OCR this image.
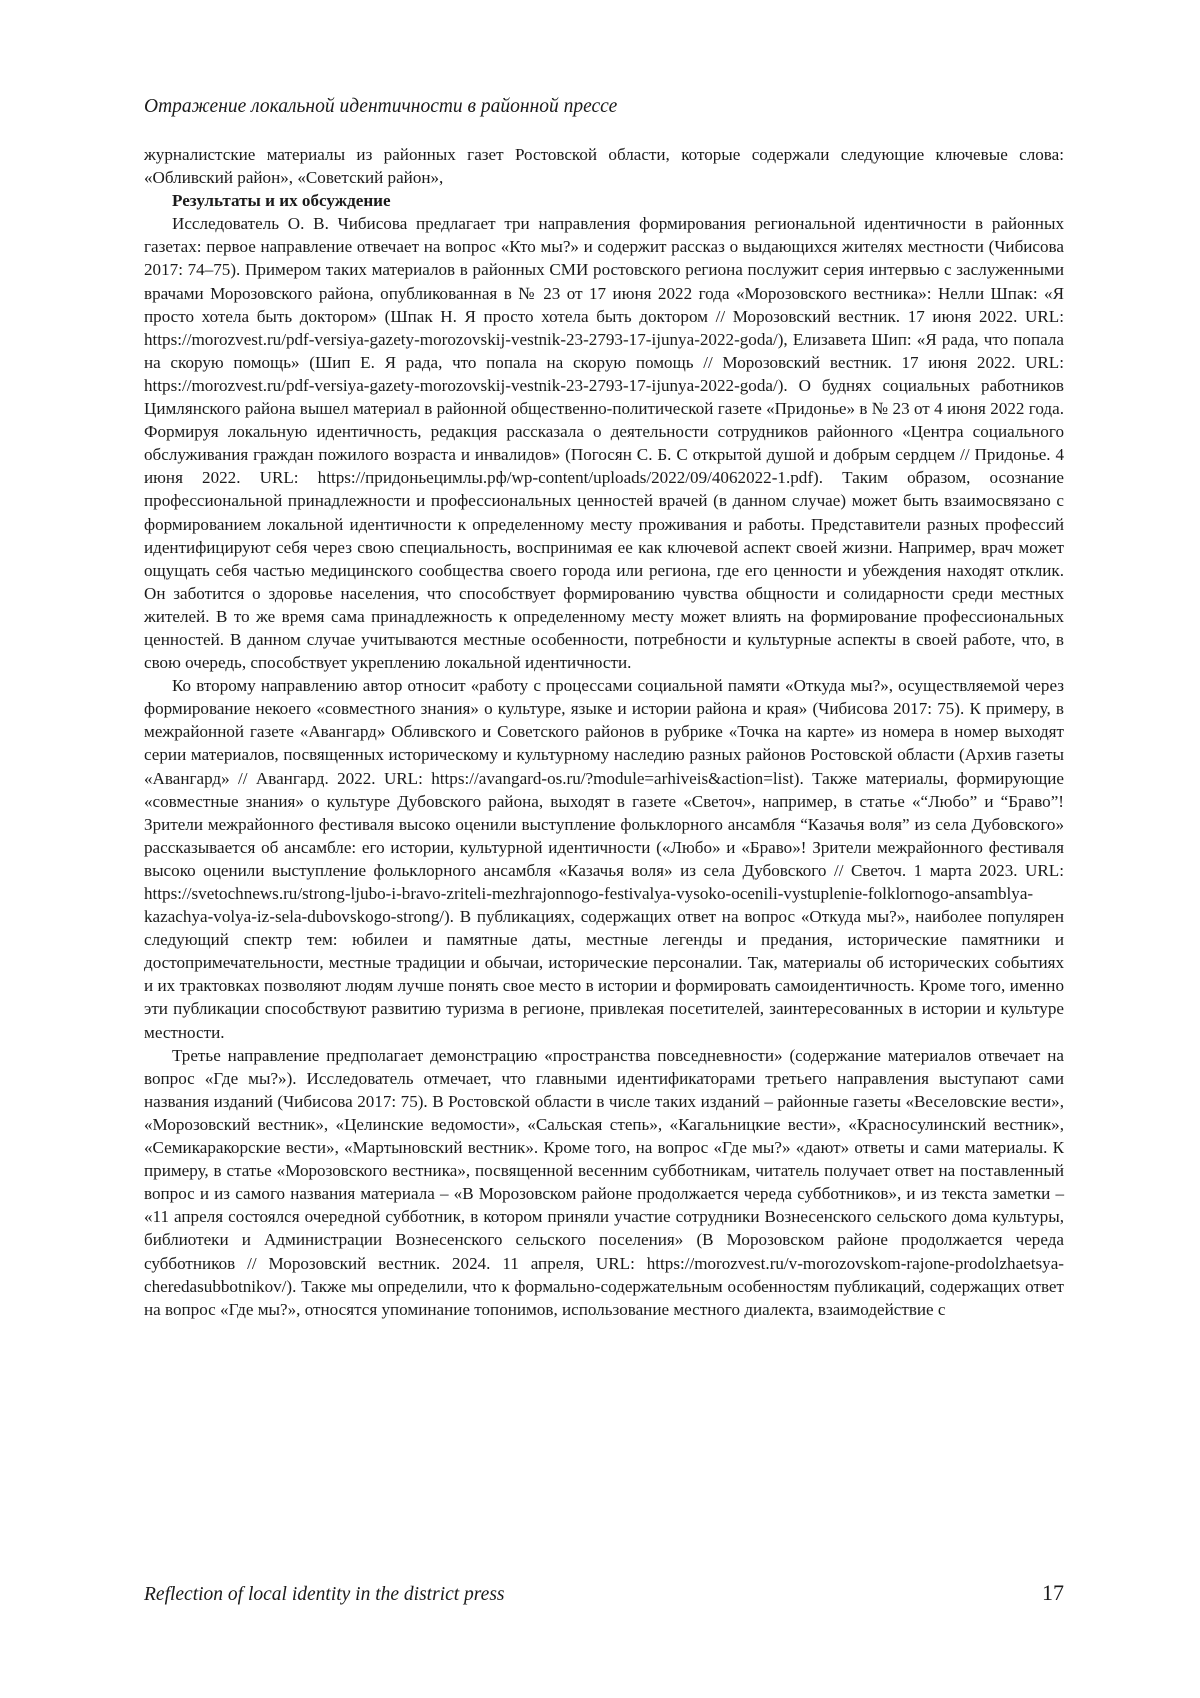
Отражение локальной идентичности в районной прессе

журналистские материалы из районных газет Ростовской области, которые содержали следующие ключевые слова: «Обливский район», «Советский район»,

Результаты и их обсуждение

Исследователь О. В. Чибисова предлагает три направления формирования региональной идентичности в районных газетах: первое направление отвечает на вопрос «Кто мы?» и содержит рассказ о выдающихся жителях местности (Чибисова 2017: 74–75). Примером таких материалов в районных СМИ ростовского региона послужит серия интервью с заслуженными врачами Морозовского района, опубликованная в № 23 от 17 июня 2022 года «Морозовского вестника»: Нелли Шпак: «Я просто хотела быть доктором» (Шпак Н. Я просто хотела быть доктором // Морозовский вестник. 17 июня 2022. URL: https://morozvest.ru/pdf-versiya-gazety-morozovskij-vestnik-23-2793-17-ijunya-2022-goda/), Елизавета Шип: «Я рада, что попала на скорую помощь» (Шип Е. Я рада, что попала на скорую помощь // Морозовский вестник. 17 июня 2022. URL: https://morozvest.ru/pdf-versiya-gazety-morozovskij-vestnik-23-2793-17-ijunya-2022-goda/). О буднях социальных работников Цимлянского района вышел материал в районной общественно-политической газете «Придонье» в № 23 от 4 июня 2022 года. Формируя локальную идентичность, редакция рассказала о деятельности сотрудников районного «Центра социального обслуживания граждан пожилого возраста и инвалидов» (Погосян С. Б. С открытой душой и добрым сердцем // Придонье. 4 июня 2022. URL: https://придоньецимлы.рф/wp-content/uploads/2022/09/4062022-1.pdf). Таким образом, осознание профессиональной принадлежности и профессиональных ценностей врачей (в данном случае) может быть взаимосвязано с формированием локальной идентичности к определенному месту проживания и работы. Представители разных профессий идентифицируют себя через свою специальность, воспринимая ее как ключевой аспект своей жизни. Например, врач может ощущать себя частью медицинского сообщества своего города или региона, где его ценности и убеждения находят отклик. Он заботится о здоровье населения, что способствует формированию чувства общности и солидарности среди местных жителей. В то же время сама принадлежность к определенному месту может влиять на формирование профессиональных ценностей. В данном случае учитываются местные особенности, потребности и культурные аспекты в своей работе, что, в свою очередь, способствует укреплению локальной идентичности.

Ко второму направлению автор относит «работу с процессами социальной памяти «Откуда мы?», осуществляемой через формирование некоего «совместного знания» о культуре, языке и истории района и края» (Чибисова 2017: 75). К примеру, в межрайонной газете «Авангард» Обливского и Советского районов в рубрике «Точка на карте» из номера в номер выходят серии материалов, посвященных историческому и культурному наследию разных районов Ростовской области (Архив газеты «Авангард» // Авангард. 2022. URL: https://avangard-os.ru/?module=arhiveis&action=list). Также материалы, формирующие «совместные знания» о культуре Дубовского района, выходят в газете «Светоч», например, в статье «“Любо” и “Браво”! Зрители межрайонного фестиваля высоко оценили выступление фольклорного ансамбля “Казачья воля” из села Дубовского» рассказывается об ансамбле: его истории, культурной идентичности («Любо» и «Браво»! Зрители межрайонного фестиваля высоко оценили выступление фольклорного ансамбля «Казачья воля» из села Дубовского // Светоч. 1 марта 2023. URL: https://svetochnews.ru/strong-ljubo-i-bravo-zriteli-mezhrajonnogo-festivalya-vysoko-ocenili-vystuplenie-folklornogo-ansamblya-kazachya-volya-iz-sela-dubovskogo-strong/). В публикациях, содержащих ответ на вопрос «Откуда мы?», наиболее популярен следующий спектр тем: юбилеи и памятные даты, местные легенды и предания, исторические памятники и достопримечательности, местные традиции и обычаи, исторические персоналии. Так, материалы об исторических событиях и их трактовках позволяют людям лучше понять свое место в истории и формировать самоидентичность. Кроме того, именно эти публикации способствуют развитию туризма в регионе, привлекая посетителей, заинтересованных в истории и культуре местности.

Третье направление предполагает демонстрацию «пространства повседневности» (содержание материалов отвечает на вопрос «Где мы?»). Исследователь отмечает, что главными идентификаторами третьего направления выступают сами названия изданий (Чибисова 2017: 75). В Ростовской области в числе таких изданий – районные газеты «Веселовские вести», «Морозовский вестник», «Целинские ведомости», «Сальская степь», «Кагальницкие вести», «Красносулинский вестник», «Семикаракорские вести», «Мартыновский вестник». Кроме того, на вопрос «Где мы?» «дают» ответы и сами материалы. К примеру, в статье «Морозовского вестника», посвященной весенним субботникам, читатель получает ответ на поставленный вопрос и из самого названия материала – «В Морозовском районе продолжается череда субботников», и из текста заметки – «11 апреля состоялся очередной субботник, в котором приняли участие сотрудники Вознесенского сельского дома культуры, библиотеки и Администрации Вознесенского сельского поселения» (В Морозовском районе продолжается череда субботников // Морозовский вестник. 2024. 11 апреля, URL: https://morozvest.ru/v-morozovskom-rajone-prodolzhaetsya-cheredasubbotnikov/). Также мы определили, что к формально-содержательным особенностям публикаций, содержащих ответ на вопрос «Где мы?», относятся упоминание топонимов, использование местного диалекта, взаимодействие с

Reflection of local identity in the district press	17
